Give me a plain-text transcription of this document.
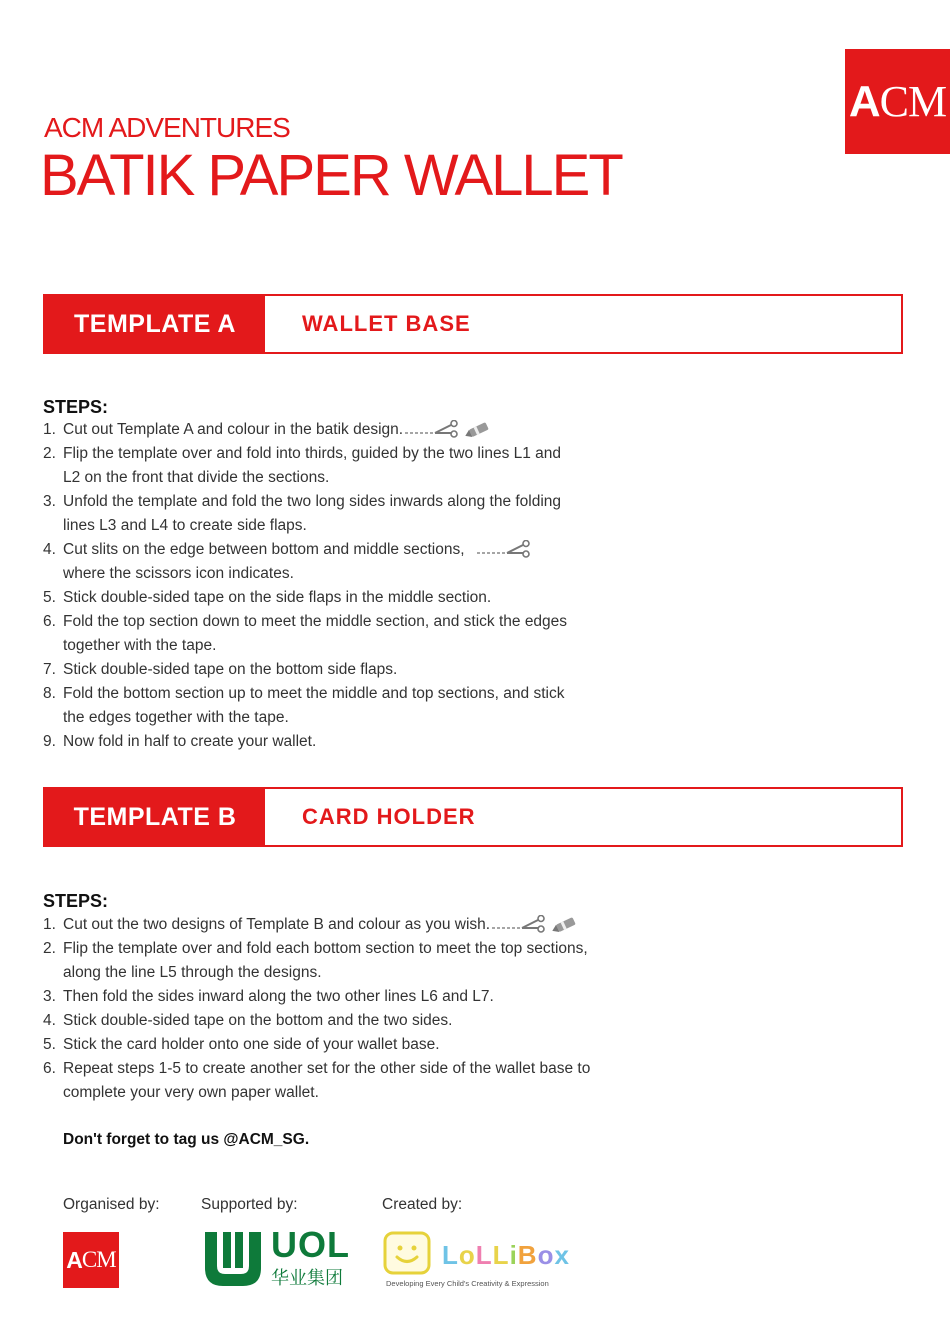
A CM
ACM ADVENTURES
BATIK PAPER WALLET
TEMPLATE A	WALLET BASE
STEPS:
1. Cut out Template A and colour in the batik design.
2. Flip the template over and fold into thirds, guided by the two lines L1 and
L2 on the front that divide the sections.
3. Unfold the template and fold the two long sides inwards along the folding
lines L3 and L4 to create side flaps.
4. Cut slits on the edge between bottom and middle sections,
where the scissors icon indicates.
5. Stick double-sided tape on the side flaps in the middle section.
6. Fold the top section down to meet the middle section, and stick the edges
together with the tape.
7. Stick double-sided tape on the bottom side flaps.
8. Fold the bottom section up to meet the middle and top sections, and stick
the edges together with the tape.
9. Now fold in half to create your wallet.
TEMPLATE B	CARD HOLDER
STEPS:
1. Cut out the two designs of Template B and colour as you wish.
2. Flip the template over and fold each bottom section to meet the top sections,
along the line L5 through the designs.
3. Then fold the sides inward along the two other lines L6 and L7.
4. Stick double-sided tape on the bottom and the two sides.
5. Stick the card holder onto one side of your wallet base.
6. Repeat steps 1-5 to create another set for the other side of the wallet base to
complete your very own paper wallet.
Don't forget to tag us @ACM_SG.
Organised by:	Supported by:	Created by:
A CM	UOL
华业集团
LoLLiBox
Developing Every Child's Creativity & Expression
